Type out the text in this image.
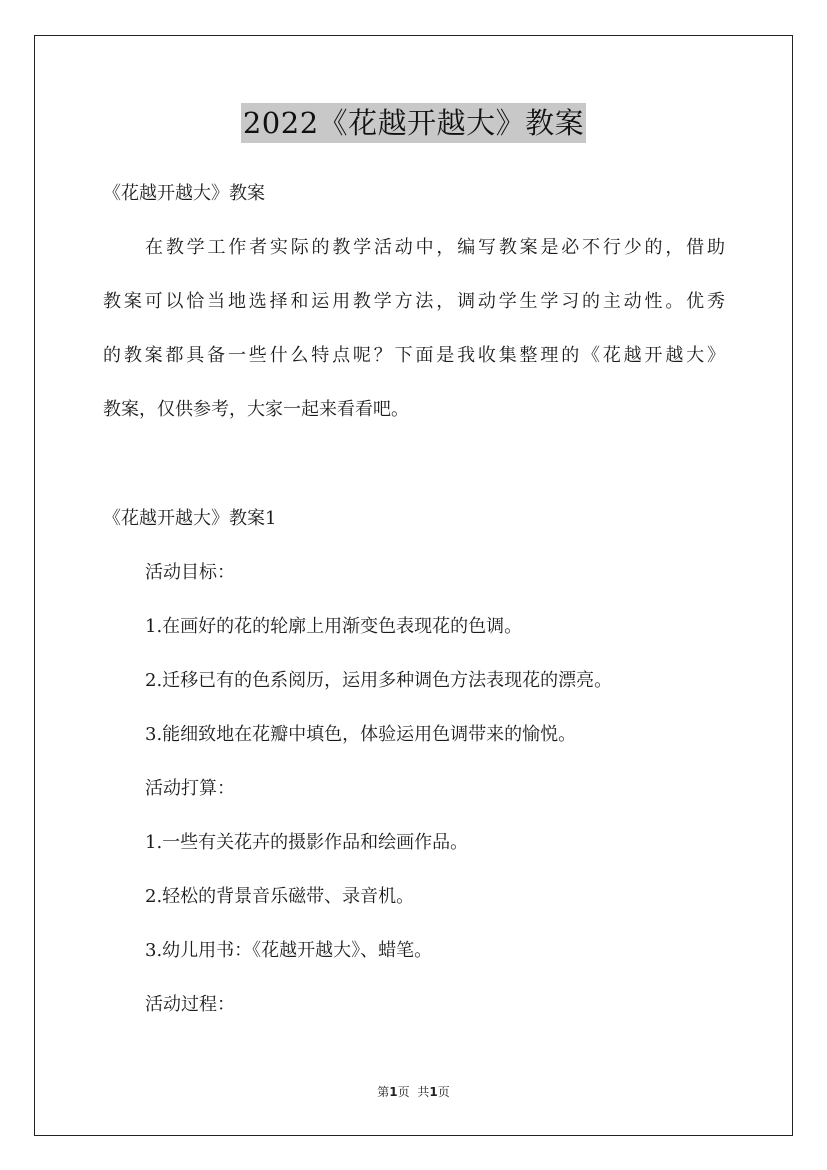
2022《花越开越大》教案
《花越开越大》教案
在教学工作者实际的教学活动中，编写教案是必不行少的，借助
教案可以恰当地选择和运用教学方法，调动学生学习的主动性。优秀
的教案都具备一些什么特点呢？下面是我收集整理的《花越开越大》
教案，仅供参考，大家一起来看看吧。
《花越开越大》教案1
活动目标：
1.在画好的花的轮廓上用渐变色表现花的色调。
2.迁移已有的色系阅历，运用多种调色方法表现花的漂亮。
3.能细致地在花瓣中填色，体验运用色调带来的愉悦。
活动打算：
1.一些有关花卉的摄影作品和绘画作品。
2.轻松的背景音乐磁带、录音机。
3.幼儿用书：《花越开越大》、蜡笔。
活动过程：
第1页 共1页
